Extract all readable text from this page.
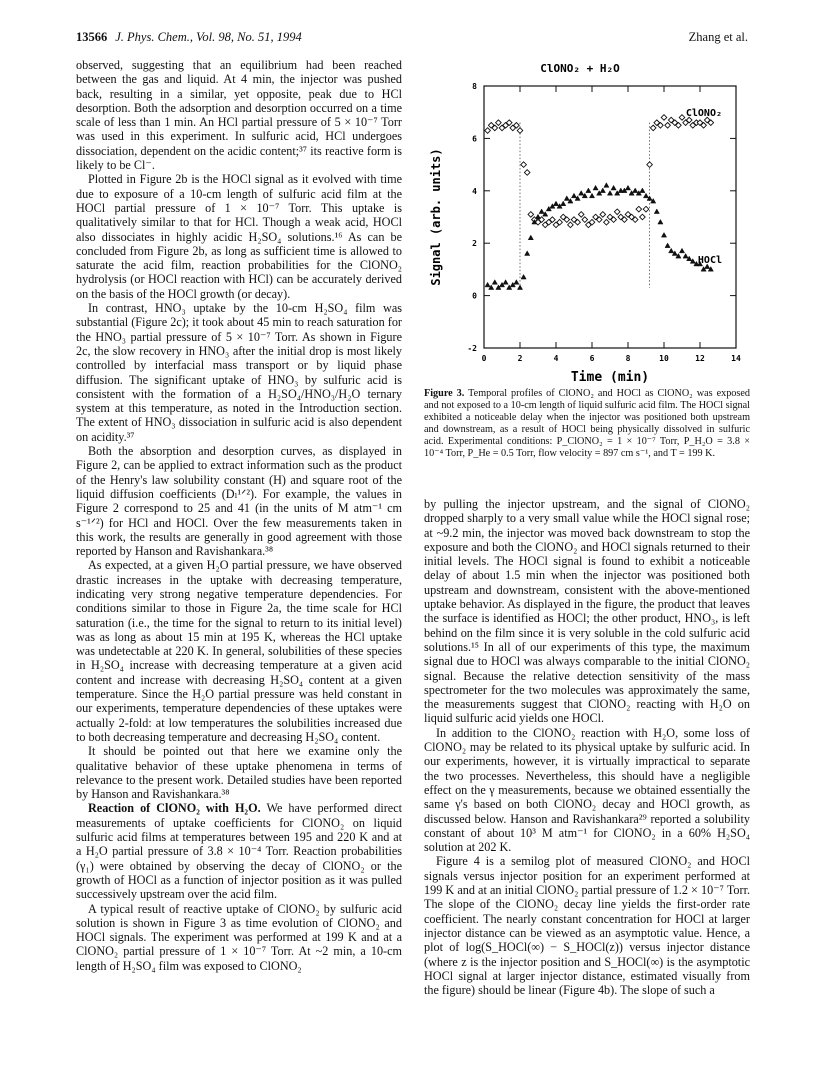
13566 J. Phys. Chem., Vol. 98, No. 51, 1994	Zhang et al.

observed, suggesting that an equilibrium had been reached between the gas and liquid. At 4 min, the injector was pushed back, resulting in a similar, yet opposite, peak due to HCl desorption. Both the adsorption and desorption occurred on a time scale of less than 1 min. An HCl partial pressure of 5 × 10⁻⁷ Torr was used in this experiment. In sulfuric acid, HCl undergoes dissociation, dependent on the acidic content;³⁷ its reactive form is likely to be Cl⁻.

Plotted in Figure 2b is the HOCl signal as it evolved with time due to exposure of a 10-cm length of sulfuric acid film at the HOCl partial pressure of 1 × 10⁻⁷ Torr. This uptake is qualitatively similar to that for HCl. Though a weak acid, HOCl also dissociates in highly acidic H₂SO₄ solutions.¹⁶ As can be concluded from Figure 2b, as long as sufficient time is allowed to saturate the acid film, reaction probabilities for the ClONO₂ hydrolysis (or HOCl reaction with HCl) can be accurately derived on the basis of the HOCl growth (or decay).

In contrast, HNO₃ uptake by the 10-cm H₂SO₄ film was substantial (Figure 2c); it took about 45 min to reach saturation for the HNO₃ partial pressure of 5 × 10⁻⁷ Torr. As shown in Figure 2c, the slow recovery in HNO₃ after the initial drop is most likely controlled by interfacial mass transport or by liquid phase diffusion. The significant uptake of HNO₃ by sulfuric acid is consistent with the formation of a H₂SO₄/HNO₃/H₂O ternary system at this temperature, as noted in the Introduction section. The extent of HNO₃ dissociation in sulfuric acid is also dependent on acidity.³⁷

Both the absorption and desorption curves, as displayed in Figure 2, can be applied to extract information such as the product of the Henry's law solubility constant (H) and square root of the liquid diffusion coefficients (Dₗ¹ᐟ²). For example, the values in Figure 2 correspond to 25 and 41 (in the units of M atm⁻¹ cm s⁻¹ᐟ²) for HCl and HOCl. Over the few measurements taken in this work, the results are generally in good agreement with those reported by Hanson and Ravishankara.³⁸

As expected, at a given H₂O partial pressure, we have observed drastic increases in the uptake with decreasing temperature, indicating very strong negative temperature dependencies. For conditions similar to those in Figure 2a, the time scale for HCl saturation (i.e., the time for the signal to return to its initial level) was as long as about 15 min at 195 K, whereas the HCl uptake was undetectable at 220 K. In general, solubilities of these species in H₂SO₄ increase with decreasing temperature at a given acid content and increase with decreasing H₂SO₄ content at a given temperature. Since the H₂O partial pressure was held constant in our experiments, temperature dependencies of these uptakes were actually 2-fold: at low temperatures the solubilities increased due to both decreasing temperature and decreasing H₂SO₄ content.

It should be pointed out that here we examine only the qualitative behavior of these uptake phenomena in terms of relevance to the present work. Detailed studies have been reported by Hanson and Ravishankara.³⁸

Reaction of ClONO₂ with H₂O. We have performed direct measurements of uptake coefficients for ClONO₂ on liquid sulfuric acid films at temperatures between 195 and 220 K and at a H₂O partial pressure of 3.8 × 10⁻⁴ Torr. Reaction probabilities (γ₁) were obtained by observing the decay of ClONO₂ or the growth of HOCl as a function of injector position as it was pulled successively upstream over the acid film.

A typical result of reactive uptake of ClONO₂ by sulfuric acid solution is shown in Figure 3 as time evolution of ClONO₂ and HOCl signals. The experiment was performed at 199 K and at a ClONO₂ partial pressure of 1 × 10⁻⁷ Torr. At ~2 min, a 10-cm length of H₂SO₄ film was exposed to ClONO₂

ClONO₂ + H₂O
0	2	4	6	8	10	12	14
-2
0
2
4
6
8
Signal (arb. units)
Time (min)
ClONO₂
HOCl
Figure 3. Temporal profiles of ClONO₂ and HOCl as ClONO₂ was exposed and not exposed to a 10-cm length of liquid sulfuric acid film. The HOCl signal exhibited a noticeable delay when the injector was positioned both upstream and downstream, as a result of HOCl being physically dissolved in sulfuric acid. Experimental conditions: P_ClONO₂ = 1 × 10⁻⁷ Torr, P_H₂O = 3.8 × 10⁻⁴ Torr, P_He = 0.5 Torr, flow velocity = 897 cm s⁻¹, and T = 199 K.

by pulling the injector upstream, and the signal of ClONO₂ dropped sharply to a very small value while the HOCl signal rose; at ~9.2 min, the injector was moved back downstream to stop the exposure and both the ClONO₂ and HOCl signals returned to their initial levels. The HOCl signal is found to exhibit a noticeable delay of about 1.5 min when the injector was positioned both upstream and downstream, consistent with the above-mentioned uptake behavior. As displayed in the figure, the product that leaves the surface is identified as HOCl; the other product, HNO₃, is left behind on the film since it is very soluble in the cold sulfuric acid solutions.¹⁵ In all of our experiments of this type, the maximum signal due to HOCl was always comparable to the initial ClONO₂ signal. Because the relative detection sensitivity of the mass spectrometer for the two molecules was approximately the same, the measurements suggest that ClONO₂ reacting with H₂O on liquid sulfuric acid yields one HOCl.

In addition to the ClONO₂ reaction with H₂O, some loss of ClONO₂ may be related to its physical uptake by sulfuric acid. In our experiments, however, it is virtually impractical to separate the two processes. Nevertheless, this should have a negligible effect on the γ measurements, because we obtained essentially the same γ's based on both ClONO₂ decay and HOCl growth, as discussed below. Hanson and Ravishankara²⁹ reported a solubility constant of about 10³ M atm⁻¹ for ClONO₂ in a 60% H₂SO₄ solution at 202 K.

Figure 4 is a semilog plot of measured ClONO₂ and HOCl signals versus injector position for an experiment performed at 199 K and at an initial ClONO₂ partial pressure of 1.2 × 10⁻⁷ Torr. The slope of the ClONO₂ decay line yields the first-order rate coefficient. The nearly constant concentration for HOCl at larger injector distance can be viewed as an asymptotic value. Hence, a plot of log(S_HOCl(∞) − S_HOCl(z)) versus injector distance (where z is the injector position and S_HOCl(∞) is the asymptotic HOCl signal at larger injector distance, estimated visually from the figure) should be linear (Figure 4b). The slope of such a
